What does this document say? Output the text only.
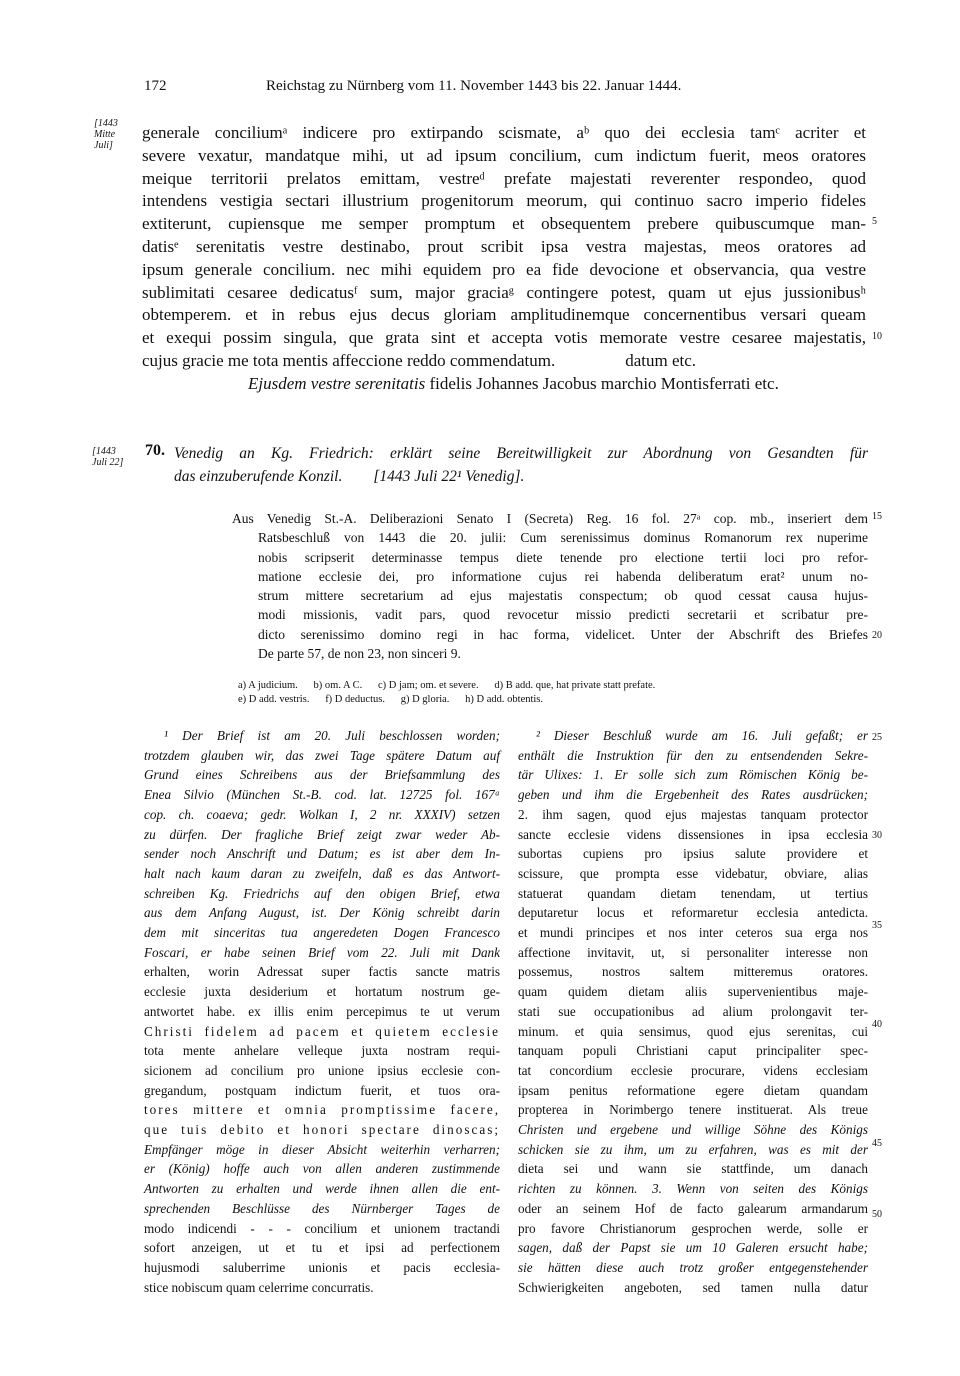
172	Reichstag zu Nürnberg vom 11. November 1443 bis 22. Januar 1444.
[1443
Mitte
Juli]
generale conciliumᵃ indicere pro extirpando scismate, aᵇ quo dei ecclesia tamᶜ acriter et
severe vexatur, mandatque mihi, ut ad ipsum concilium, cum indictum fuerit, meos oratores
meique territorii prelatos emittam, vestreᵈ prefate majestati reverenter respondeo, quod
intendens vestigia sectari illustrium progenitorum meorum, qui continuo sacro imperio fideles
extiterunt, cupiensque me semper promptum et obsequentem prebere quibuscumque man-
datisᵉ serenitatis vestre destinabo, prout scribit ipsa vestra majestas, meos oratores ad
ipsum generale concilium. nec mihi equidem pro ea fide devocione et observancia, qua vestre
sublimitati cesaree dedicatusᶠ sum, major graciaᵍ contingere potest, quam ut ejus jussionibusʰ
obtemperem. et in rebus ejus decus gloriam amplitudinemque concernentibus versari queam
et exequi possim singula, que grata sint et accepta votis memorate vestre cesaree majestatis,
cujus gracie me tota mentis affeccione reddo commendatum.	datum etc.
Ejusdem vestre serenitatis fidelis Johannes Jacobus marchio Montisferrati etc.
5
10
15
20
25
30
35
40
45
50
[1443
Juli 22]
70. Venedig an Kg. Friedrich: erklärt seine Bereitwilligkeit zur Abordnung von Gesandten für
das einzuberufende Konzil.        [1443 Juli 22¹ Venedig].
Aus Venedig St.-A. Deliberazioni Senato I (Secreta) Reg. 16 fol. 27ᵃ cop. mb., inseriert dem
Ratsbeschluß von 1443 die 20. julii: Cum serenissimus dominus Romanorum rex nuperime
nobis scripserit determinasse tempus diete tenende pro electione tertii loci pro refor-
matione ecclesie dei, pro informatione cujus rei habenda deliberatum erat² unum no-
strum mittere secretarium ad ejus majestatis conspectum; ob quod cessat causa hujus-
modi missionis, vadit pars, quod revocetur missio predicti secretarii et scribatur pre-
dicto serenissimo domino regi in hac forma, videlicet. Unter der Abschrift des Briefes
De parte 57, de non 23, non sinceri 9.
a) A judicium.      b) om. A C.      c) D jam; om. et severe.      d) B add. que, hat private statt prefate.
e) D add. vestris.      f) D deductus.      g) D gloria.      h) D add. obtentis.
¹ Der Brief ist am 20. Juli beschlossen worden;
trotzdem glauben wir, das zwei Tage spätere Datum auf
Grund eines Schreibens aus der Briefsammlung des
Enea Silvio (München St.-B. cod. lat. 12725 fol. 167ᵃ
cop. ch. coaeva; gedr. Wolkan I, 2 nr. XXXIV) setzen
zu dürfen. Der fragliche Brief zeigt zwar weder Ab-
sender noch Anschrift und Datum; es ist aber dem In-
halt nach kaum daran zu zweifeln, daß es das Antwort-
schreiben Kg. Friedrichs auf den obigen Brief, etwa
aus dem Anfang August, ist. Der König schreibt darin
dem mit sinceritas tua angeredeten Dogen Francesco
Foscari, er habe seinen Brief vom 22. Juli mit Dank
erhalten, worin Adressat super factis sancte matris
ecclesie juxta desiderium et hortatum nostrum ge-
antwortet habe. ex illis enim percepimus te ut verum
Christi fidelem ad pacem et quietem ecclesie
tota mente anhelare velleque juxta nostram requi-
sicionem ad concilium pro unione ipsius ecclesie con-
gregandum, postquam indictum fuerit, et tuos ora-
tores mittere et omnia promptissime facere,
que tuis debito et honori spectare dinoscas;
Empfänger möge in dieser Absicht weiterhin verharren;
er (König) hoffe auch von allen anderen zustimmende
Antworten zu erhalten und werde ihnen allen die ent-
sprechenden Beschlüsse des Nürnberger Tages de
modo indicendi - - - concilium et unionem tractandi
sofort anzeigen, ut et tu et ipsi ad perfectionem
hujusmodi saluberrime unionis et pacis ecclesia-
stice nobiscum quam celerrime concurratis.
² Dieser Beschluß wurde am 16. Juli gefaßt; er
enthält die Instruktion für den zu entsendenden Sekre-
tär Ulixes: 1. Er solle sich zum Römischen König be-
geben und ihm die Ergebenheit des Rates ausdrücken;
2. ihm sagen, quod ejus majestas tanquam protector
sancte ecclesie videns dissensiones in ipsa ecclesia
subortas cupiens pro ipsius salute providere et
scissure, que prompta esse videbatur, obviare, alias
statuerat quandam dietam tenendam, ut tertius
deputaretur locus et reformaretur ecclesia antedicta.
et mundi principes et nos inter ceteros sua erga nos
affectione invitavit, ut, si personaliter interesse non
possemus, nostros saltem mitteremus oratores.
quam quidem dietam aliis supervenientibus maje-
stati sue occupationibus ad alium prolongavit ter-
minum. et quia sensimus, quod ejus serenitas, cui
tanquam populi Christiani caput principaliter spec-
tat concordium ecclesie procurare, videns ecclesiam
ipsam penitus reformatione egere dietam quandam
propterea in Norimbergo tenere instituerat. Als treue
Christen und ergebene und willige Söhne des Königs
schicken sie zu ihm, um zu erfahren, was es mit der
dieta sei und wann sie stattfinde, um danach
richten zu können. 3. Wenn von seiten des Königs
oder an seinem Hof de facto galearum armandarum
pro favore Christianorum gesprochen werde, solle er
sagen, daß der Papst sie um 10 Galeren ersucht habe;
sie hätten diese auch trotz großer entgegenstehender
Schwierigkeiten angeboten, sed tamen nulla datur
